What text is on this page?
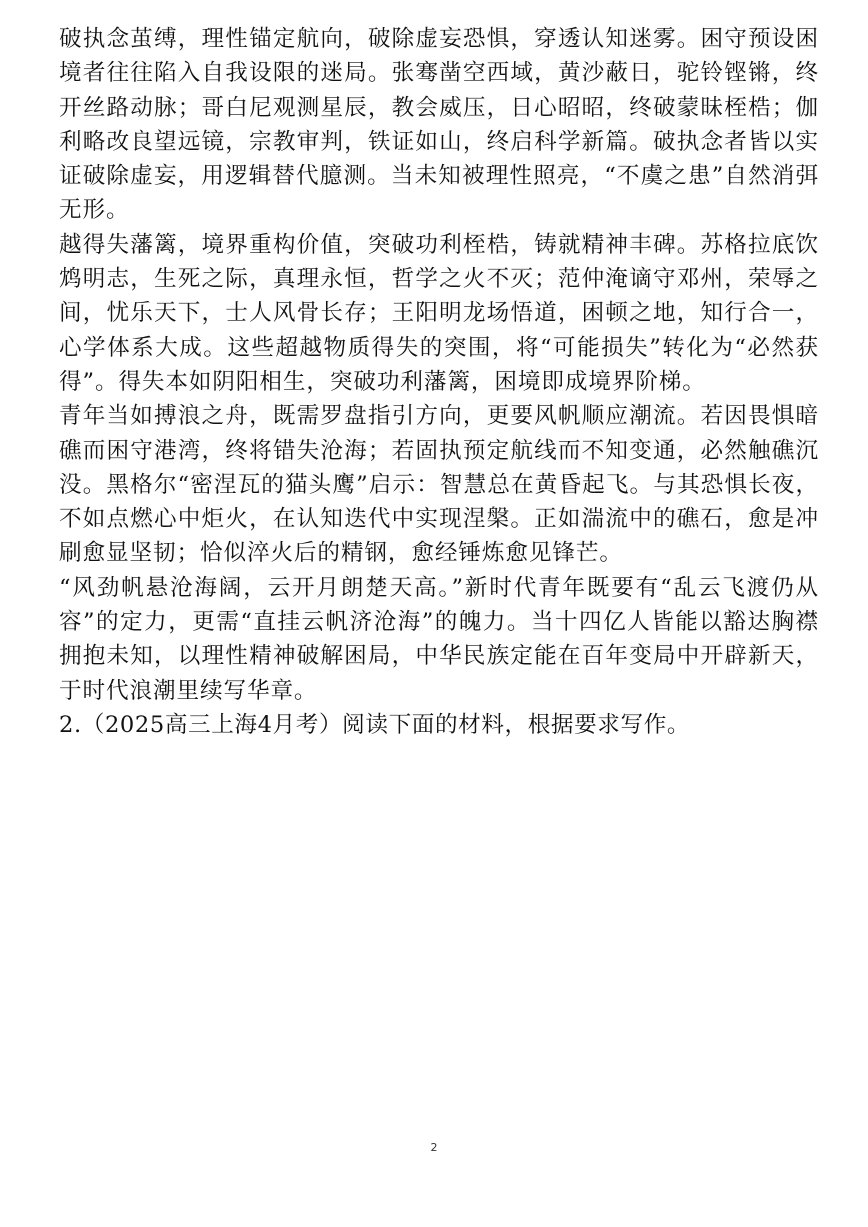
破执念茧缚，理性锚定航向，破除虚妄恐惧，穿透认知迷雾。困守预设困境者往往陷入自我设限的迷局。张骞凿空西域，黄沙蔽日，驼铃铿锵，终开丝路动脉；哥白尼观测星辰，教会威压，日心昭昭，终破蒙昧桎梏；伽利略改良望远镜，宗教审判，铁证如山，终启科学新篇。破执念者皆以实证破除虚妄，用逻辑替代臆测。当未知被理性照亮，“不虞之患”自然消弭无形。

越得失藩篱，境界重构价值，突破功利桎梏，铸就精神丰碑。苏格拉底饮鸩明志，生死之际，真理永恒，哲学之火不灭；范仲淹谪守邓州，荣辱之间，忧乐天下，士人风骨长存；王阳明龙场悟道，困顿之地，知行合一，心学体系大成。这些超越物质得失的突围，将“可能损失”转化为“必然获得”。得失本如阴阳相生，突破功利藩篱，困境即成境界阶梯。

青年当如搏浪之舟，既需罗盘指引方向，更要风帆顺应潮流。若因畏惧暗礁而困守港湾，终将错失沧海；若固执预定航线而不知变通，必然触礁沉没。黑格尔“密涅瓦的猫头鹰”启示：智慧总在黄昏起飞。与其恐惧长夜，不如点燃心中炬火，在认知迭代中实现涅槃。正如湍流中的礁石，愈是冲刷愈显坚韧；恰似淬火后的精钢，愈经锤炼愈见锋芒。

“风劲帆悬沧海阔，云开月朗楚天高。”新时代青年既要有“乱云飞渡仍从容”的定力，更需“直挂云帆济沧海”的魄力。当十四亿人皆能以豁达胸襟拥抱未知，以理性精神破解困局，中华民族定能在百年变局中开辟新天，于时代浪潮里续写华章。

2.（2025高三上海4月考）阅读下面的材料，根据要求写作。

2
